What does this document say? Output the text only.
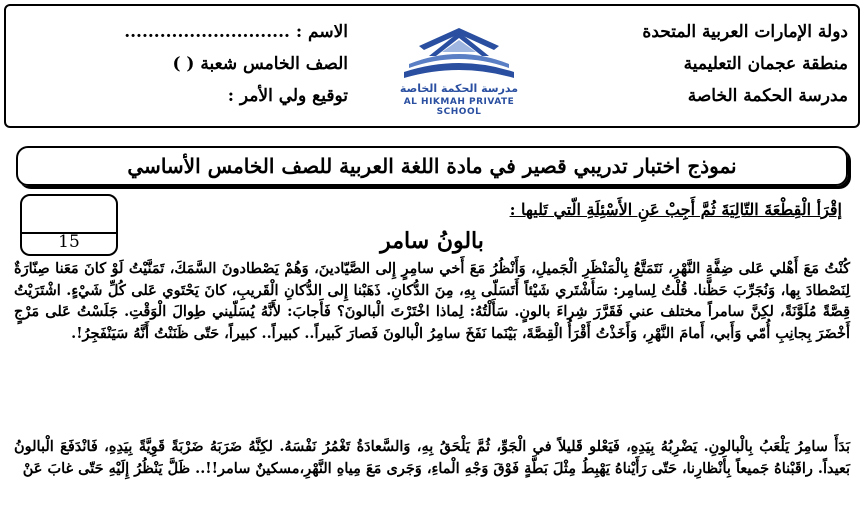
دولة الإمارات العربية المتحدة
منطقة عجمان التعليمية
مدرسة الحكمة الخاصة
مدرسة الحكمة الخاصة
AL HIKMAH PRIVATE SCHOOL
الاسم : ............................
الصف الخامس شعبة ( )
توقيع ولي الأمر :
نموذج اختبار تدريبي قصير في مادة اللغة العربية للصف الخامس الأساسي
15
إقْرَأ الْقِطْعَةَ التّالِيَةَ ثُمَّ أَجِبْ عَنِ الأَسْئِلَةِ الّتي تَليها :
بالونُ سامر
كُنْتُ مَعَ أَهْلي عَلى ضِفَّةِ النَّهْرِ، نَتَمَتَّعُ بِالْمَنْظَرِ الْجَميلِ، وَأَنْظُرُ مَعَ أَخي سامِرٍ إِلى الصَّيّادينَ، وَهُمْ يَصْطادونَ السَّمَكَ، تَمَنَّيْتُ لَوْ كانَ مَعَنا صِنّارَةٌ لِنَصْطادَ بِها، وَنُجَرِّبَ حَظَّنا. قُلْتُ لِسامِر: سَأَشْتَري شَيْئاً أَتَسَلّى بِهِ، مِنَ الدُّكانِ. ذَهَبْنا إِلى الدُّكانِ الْقَريبِ، كانَ يَحْتَوي عَلى كُلِّ شَيْءٍ. اشْتَرَيْتُ قِصَّةً مُلَوَّنَةً، لكِنَّ سامراً مختلف عني فَقَرَّرَ شِراءَ بالونٍ. سَأَلْتُهُ: لِماذا اخْتَرْتَ الْبالونَ؟ فَأَجابَ: لأَنَّهُ يُسَلّيني طِوالَ الْوَقْتِ. جَلَسْتُ عَلى مَرْجٍ أَخْضَرَ بِجانِبِ أُمّي وَأَبي، أَمامَ النَّهْرِ، وَأَخَذْتُ أَقْرَأُ الْقِصَّةَ، بَيْنَما نَفَخَ سامِرُ الْبالونَ فَصارَ كَبيراً.. كبيراً.. كبيراً، حَتّى ظَنَنْتُ أَنَّهُ سَيَنْفَجِرُ!.
بَدَأَ سامِرُ يَلْعَبُ بِالْبالونِ. يَضْرِبُهُ بِيَدِهِ، فَيَعْلو قَليلاً في الْجَوِّ، ثُمَّ يَلْحَقُ بِهِ، وَالسَّعادَةُ تَغْمُرُ نَفْسَهُ. لكِنَّهُ ضَرَبَهُ ضَرْبَةً قَوِيَّةً بِيَدِهِ، فَانْدَفَعَ الْبالونُ بَعيداً. راقَبْناهُ جَميعاً بِأَنْظارِنا، حَتّى رَأَيْناهُ يَهْبِطُ مِثْلَ بَطَّةٍ فَوْقَ وَجْهِ الْماءِ، وَجَرى مَعَ مِياهِ النَّهْرِ،مسكينٌ سامر!!.. ظَلَّ يَنْظُرُ إِلَيْهِ حَتّى غابَ عَنْ
